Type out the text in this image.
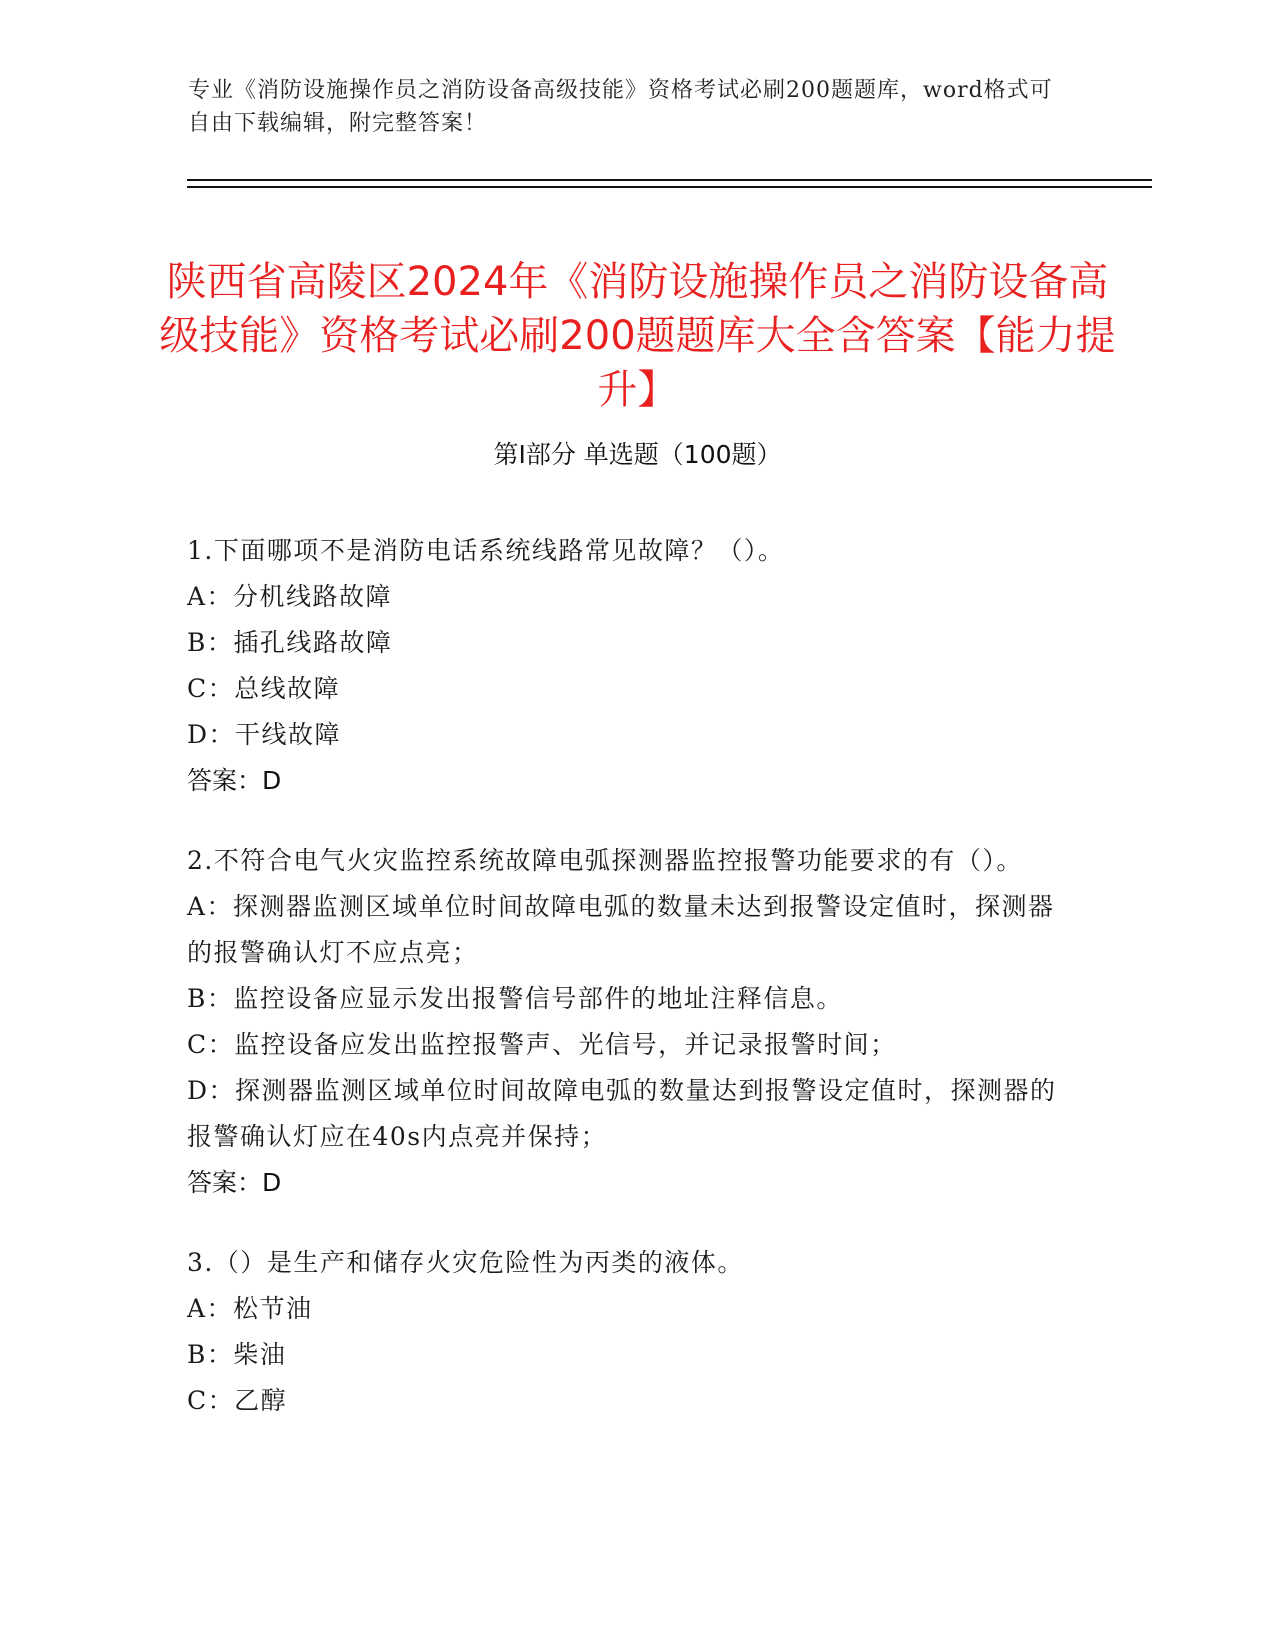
专业《消防设施操作员之消防设备高级技能》资格考试必刷200题题库，word格式可自由下载编辑，附完整答案！
陕西省高陵区2024年《消防设施操作员之消防设备高级技能》资格考试必刷200题题库大全含答案【能力提升】
第I部分 单选题（100题）
1.下面哪项不是消防电话系统线路常见故障？（）。
A：分机线路故障
B：插孔线路故障
C：总线故障
D：干线故障
答案：D
2.不符合电气火灾监控系统故障电弧探测器监控报警功能要求的有（）。
A：探测器监测区域单位时间故障电弧的数量未达到报警设定值时，探测器的报警确认灯不应点亮；
B：监控设备应显示发出报警信号部件的地址注释信息。
C：监控设备应发出监控报警声、光信号，并记录报警时间；
D：探测器监测区域单位时间故障电弧的数量达到报警设定值时，探测器的报警确认灯应在40s内点亮并保持；
答案：D
3.（）是生产和储存火灾危险性为丙类的液体。
A：松节油
B：柴油
C：乙醇
